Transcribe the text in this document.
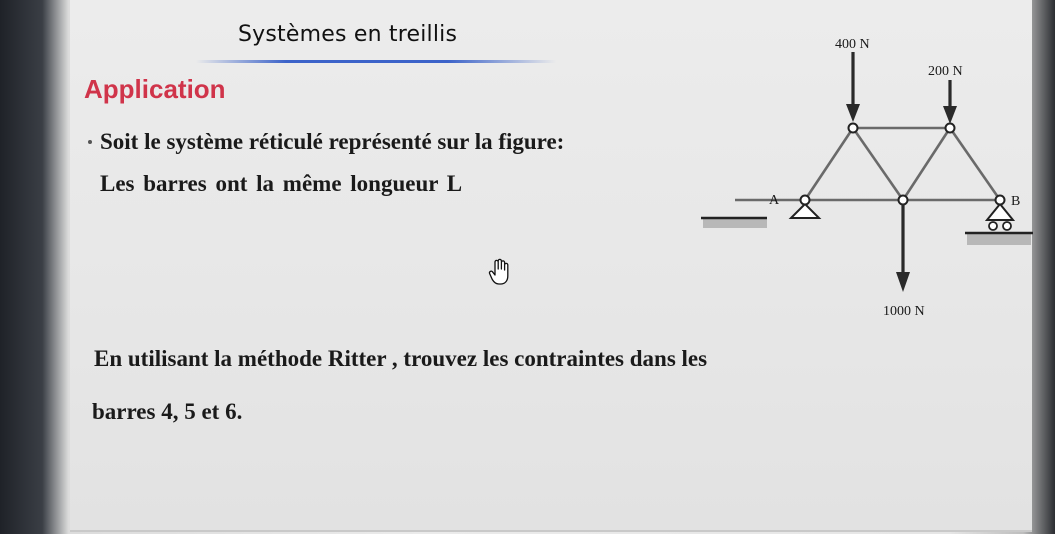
Systèmes en treillis
Application
Soit le système réticulé représenté sur la figure:
Les barres ont la même longueur L
En utilisant la méthode Ritter , trouvez les contraintes dans les
barres 4, 5 et 6.
400 N
200 N
1000 N
A	B
